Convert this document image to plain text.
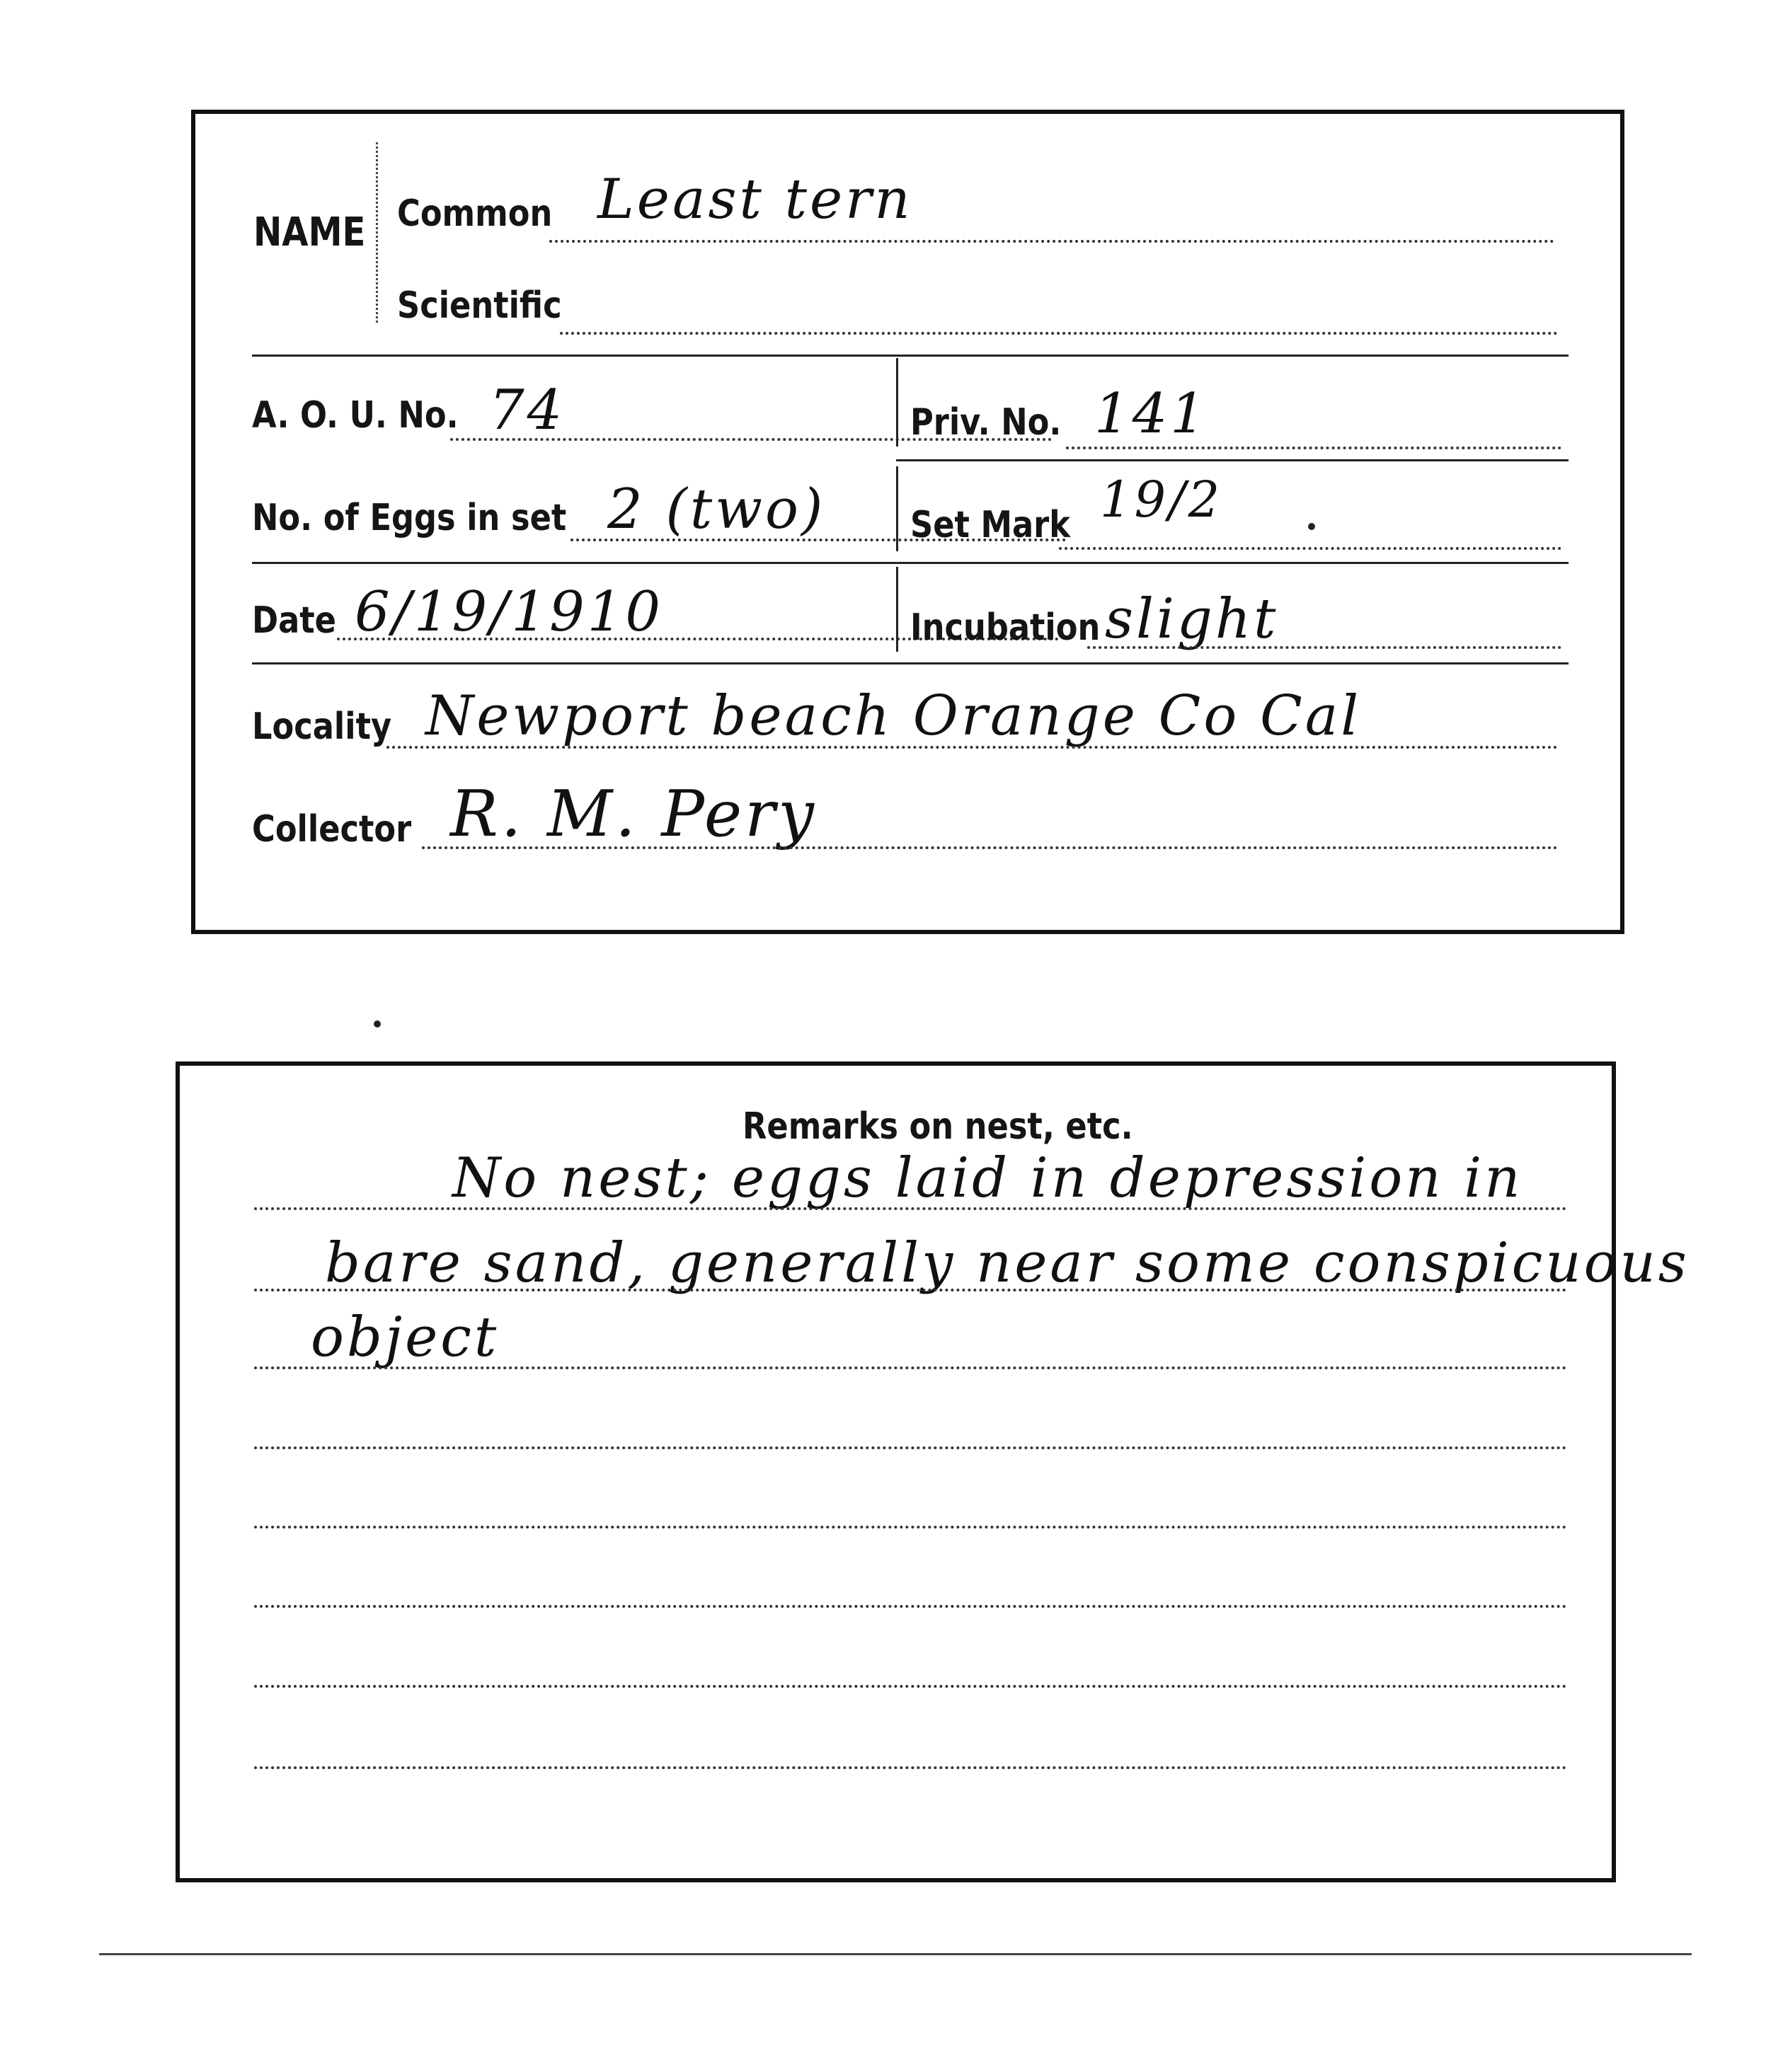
NAME Common Least tern
Scientific
A. O. U. No. 74	Priv. No. 141
No. of Eggs in set 2 (two) Set Mark 19/2
Date 6/19/1910	Incubation slight
Locality Newport beach Orange Co Cal
Collector R. M. Pery
Remarks on nest, etc.
No nest; eggs laid in depression in
bare sand, generally near some conspicuous
object
